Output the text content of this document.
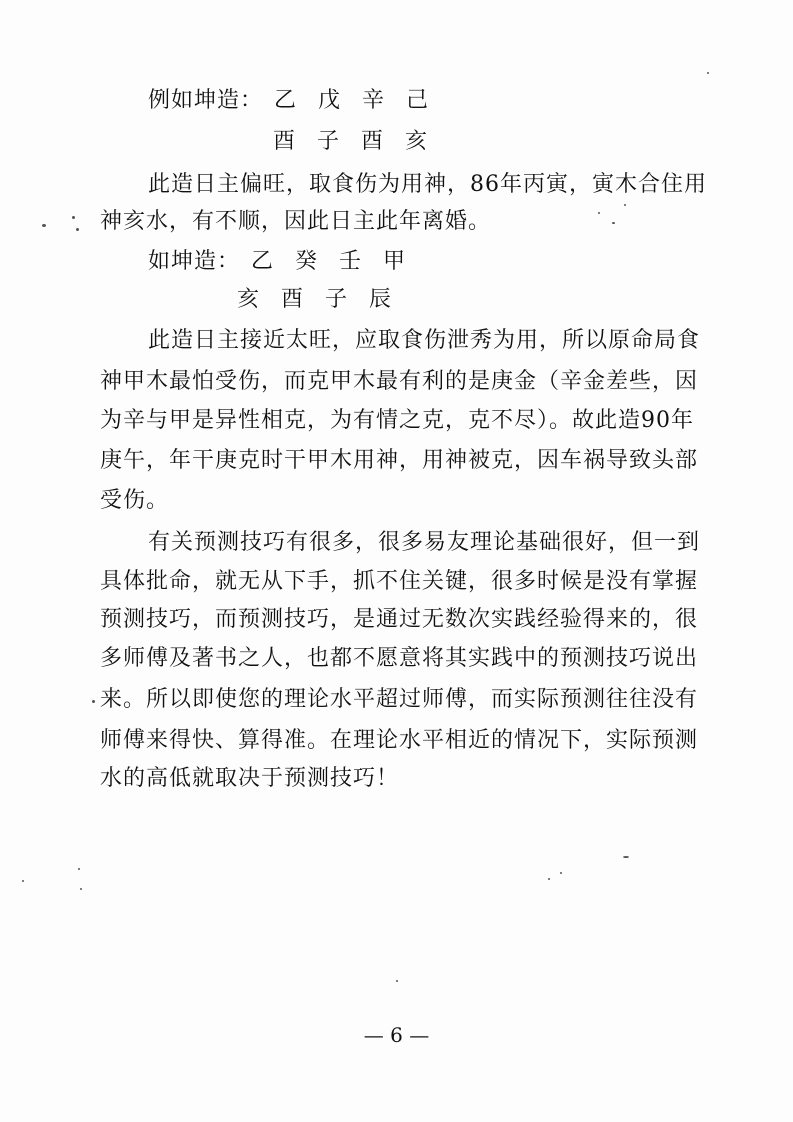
例如坤造： 乙 戊 辛 己
酉 子 酉 亥
此造日主偏旺，取食伤为用神，86年丙寅，寅木合住用
神亥水，有不顺，因此日主此年离婚。
如坤造： 乙 癸 壬 甲
亥 酉 子 辰
此造日主接近太旺，应取食伤泄秀为用，所以原命局食
神甲木最怕受伤，而克甲木最有利的是庚金（辛金差些，因
为辛与甲是异性相克，为有情之克，克不尽）。故此造90年
庚午，年干庚克时干甲木用神，用神被克，因车祸导致头部
受伤。
有关预测技巧有很多，很多易友理论基础很好，但一到
具体批命，就无从下手，抓不住关键，很多时候是没有掌握
预测技巧，而预测技巧，是通过无数次实践经验得来的，很
多师傅及著书之人，也都不愿意将其实践中的预测技巧说出
来。所以即使您的理论水平超过师傅，而实际预测往往没有
师傅来得快、算得准。在理论水平相近的情况下，实际预测
水的高低就取决于预测技巧！
— 6 —
